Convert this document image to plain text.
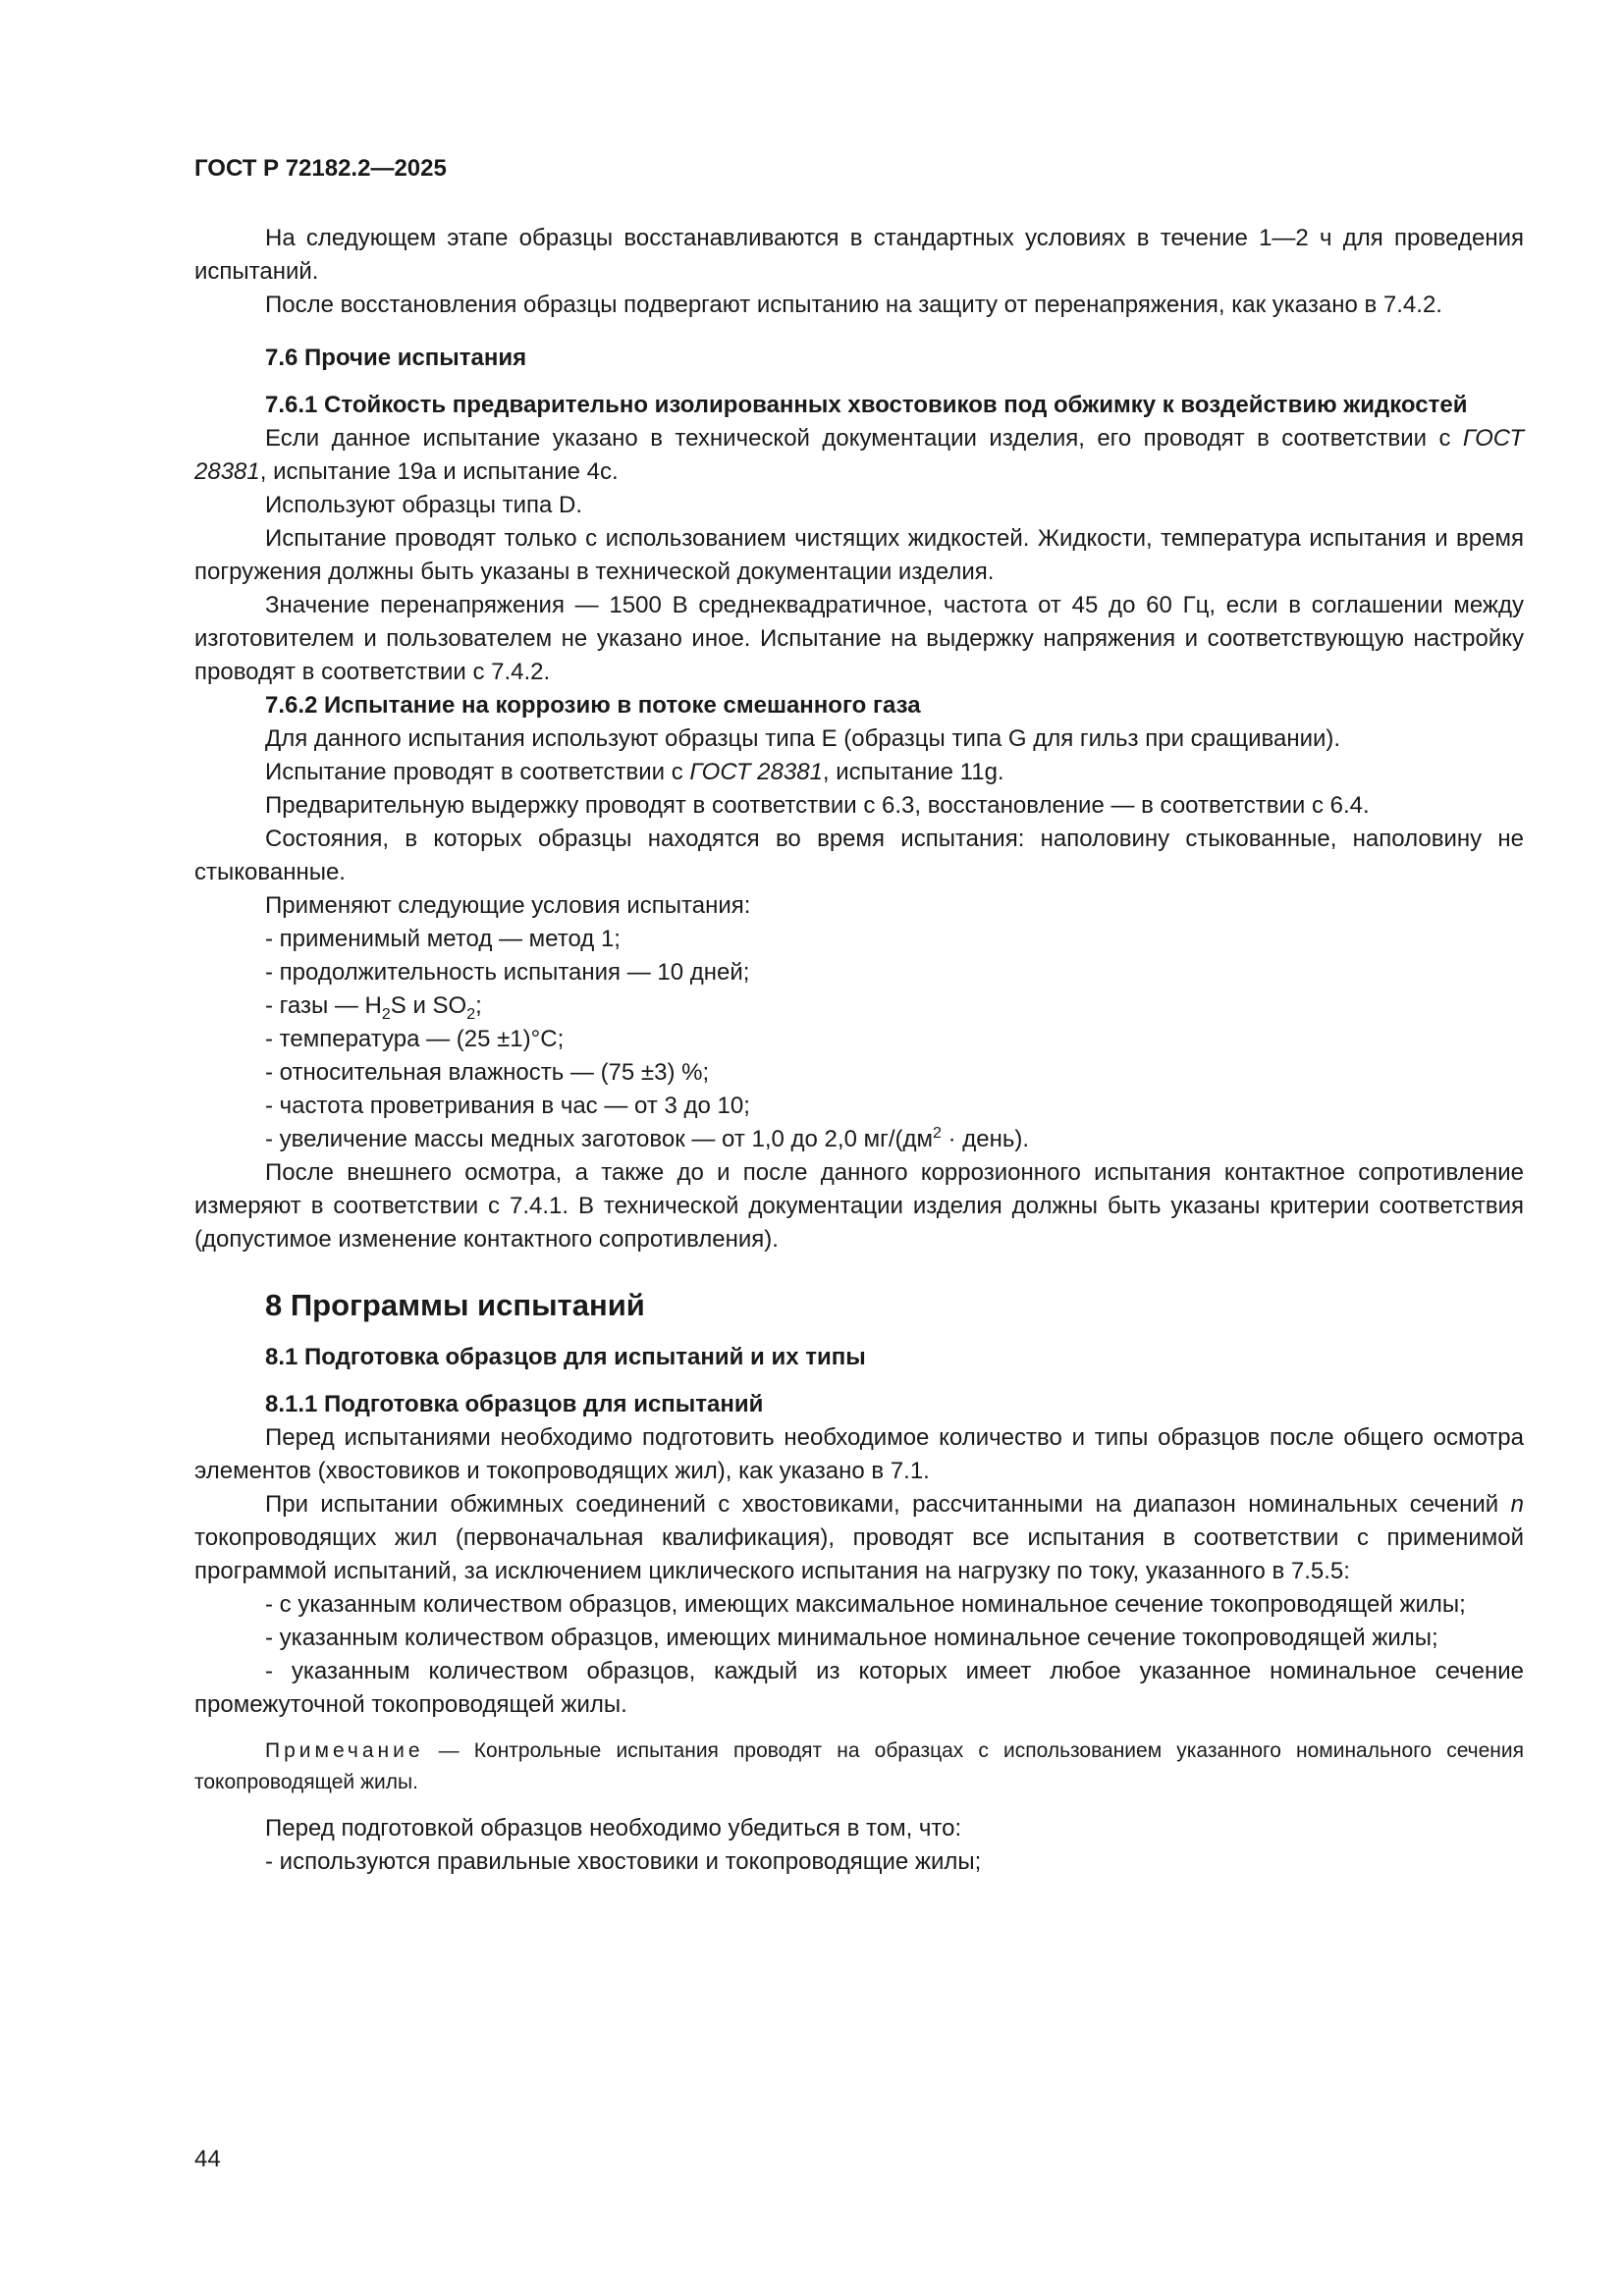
ГОСТ Р 72182.2—2025

На следующем этапе образцы восстанавливаются в стандартных условиях в течение 1—2 ч для проведения испытаний.

После восстановления образцы подвергают испытанию на защиту от перенапряжения, как указано в 7.4.2.

7.6 Прочие испытания

7.6.1 Стойкость предварительно изолированных хвостовиков под обжимку к воздействию жидкостей

Если данное испытание указано в технической документации изделия, его проводят в соответствии с ГОСТ 28381, испытание 19а и испытание 4с.

Используют образцы типа D.

Испытание проводят только с использованием чистящих жидкостей. Жидкости, температура испытания и время погружения должны быть указаны в технической документации изделия.

Значение перенапряжения — 1500 В среднеквадратичное, частота от 45 до 60 Гц, если в соглашении между изготовителем и пользователем не указано иное. Испытание на выдержку напряжения и соответствующую настройку проводят в соответствии с 7.4.2.

7.6.2 Испытание на коррозию в потоке смешанного газа

Для данного испытания используют образцы типа E (образцы типа G для гильз при сращивании).

Испытание проводят в соответствии с ГОСТ 28381, испытание 11g.

Предварительную выдержку проводят в соответствии с 6.3, восстановление — в соответствии с 6.4.

Состояния, в которых образцы находятся во время испытания: наполовину стыкованные, наполовину не стыкованные.

Применяют следующие условия испытания:

- применимый метод — метод 1;

- продолжительность испытания — 10 дней;

- газы — $H_2S$ и $SO_2$;

- температура — (25 ±1)°С;

- относительная влажность — (75 ±3) %;

- частота проветривания в час — от 3 до 10;

- увеличение массы медных заготовок — от 1,0 до 2,0 $мг/(дм^2$ · день).

После внешнего осмотра, а также до и после данного коррозионного испытания контактное сопротивление измеряют в соответствии с 7.4.1. В технической документации изделия должны быть указаны критерии соответствия (допустимое изменение контактного сопротивления).

8 Программы испытаний

8.1 Подготовка образцов для испытаний и их типы

8.1.1 Подготовка образцов для испытаний

Перед испытаниями необходимо подготовить необходимое количество и типы образцов после общего осмотра элементов (хвостовиков и токопроводящих жил), как указано в 7.1.

При испытании обжимных соединений с хвостовиками, рассчитанными на диапазон номинальных сечений n токопроводящих жил (первоначальная квалификация), проводят все испытания в соответствии с применимой программой испытаний, за исключением циклического испытания на нагрузку по току, указанного в 7.5.5:

- с указанным количеством образцов, имеющих максимальное номинальное сечение токопроводящей жилы;

- указанным количеством образцов, имеющих минимальное номинальное сечение токопроводящей жилы;

- указанным количеством образцов, каждый из которых имеет любое указанное номинальное сечение промежуточной токопроводящей жилы.

Примечание — Контрольные испытания проводят на образцах с использованием указанного номинального сечения токопроводящей жилы.

Перед подготовкой образцов необходимо убедиться в том, что:

- используются правильные хвостовики и токопроводящие жилы;

44
